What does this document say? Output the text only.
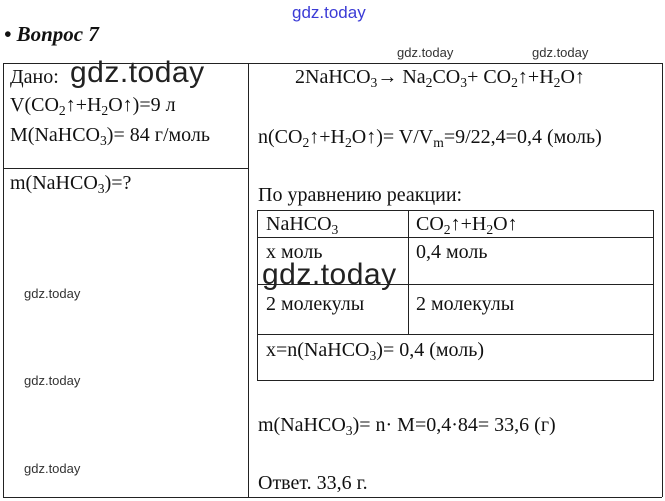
gdz.today
• Вопрос 7
gdz.today	gdz.today
Дано: gdz.today
$V(CO_2↑+H_2O↑)=9$ л
M(NaHCO$_3$)= 84 г/моль
m(NaHCO$_3$)=?
gdz.today
gdz.today
gdz.today
2NaHCO$_3$→ $Na_2CO_3+$ $CO_2↑+H_2O↑$
$n(CO_2↑+H_2O↑)= V/V_m=9/22,4=0,4$ (моль)
По уравнению реакции:
NaHCO$_3$	$CO_2↑+H_2O↑$
x моль	0,4 моль
gdz.today
2 молекулы	2 молекулы
x=n(NaHCO$_3$)= 0,4 (моль)
m(NaHCO$_3$)= n· M=0,4·84= 33,6 (г)
Ответ. 33,6 г.
